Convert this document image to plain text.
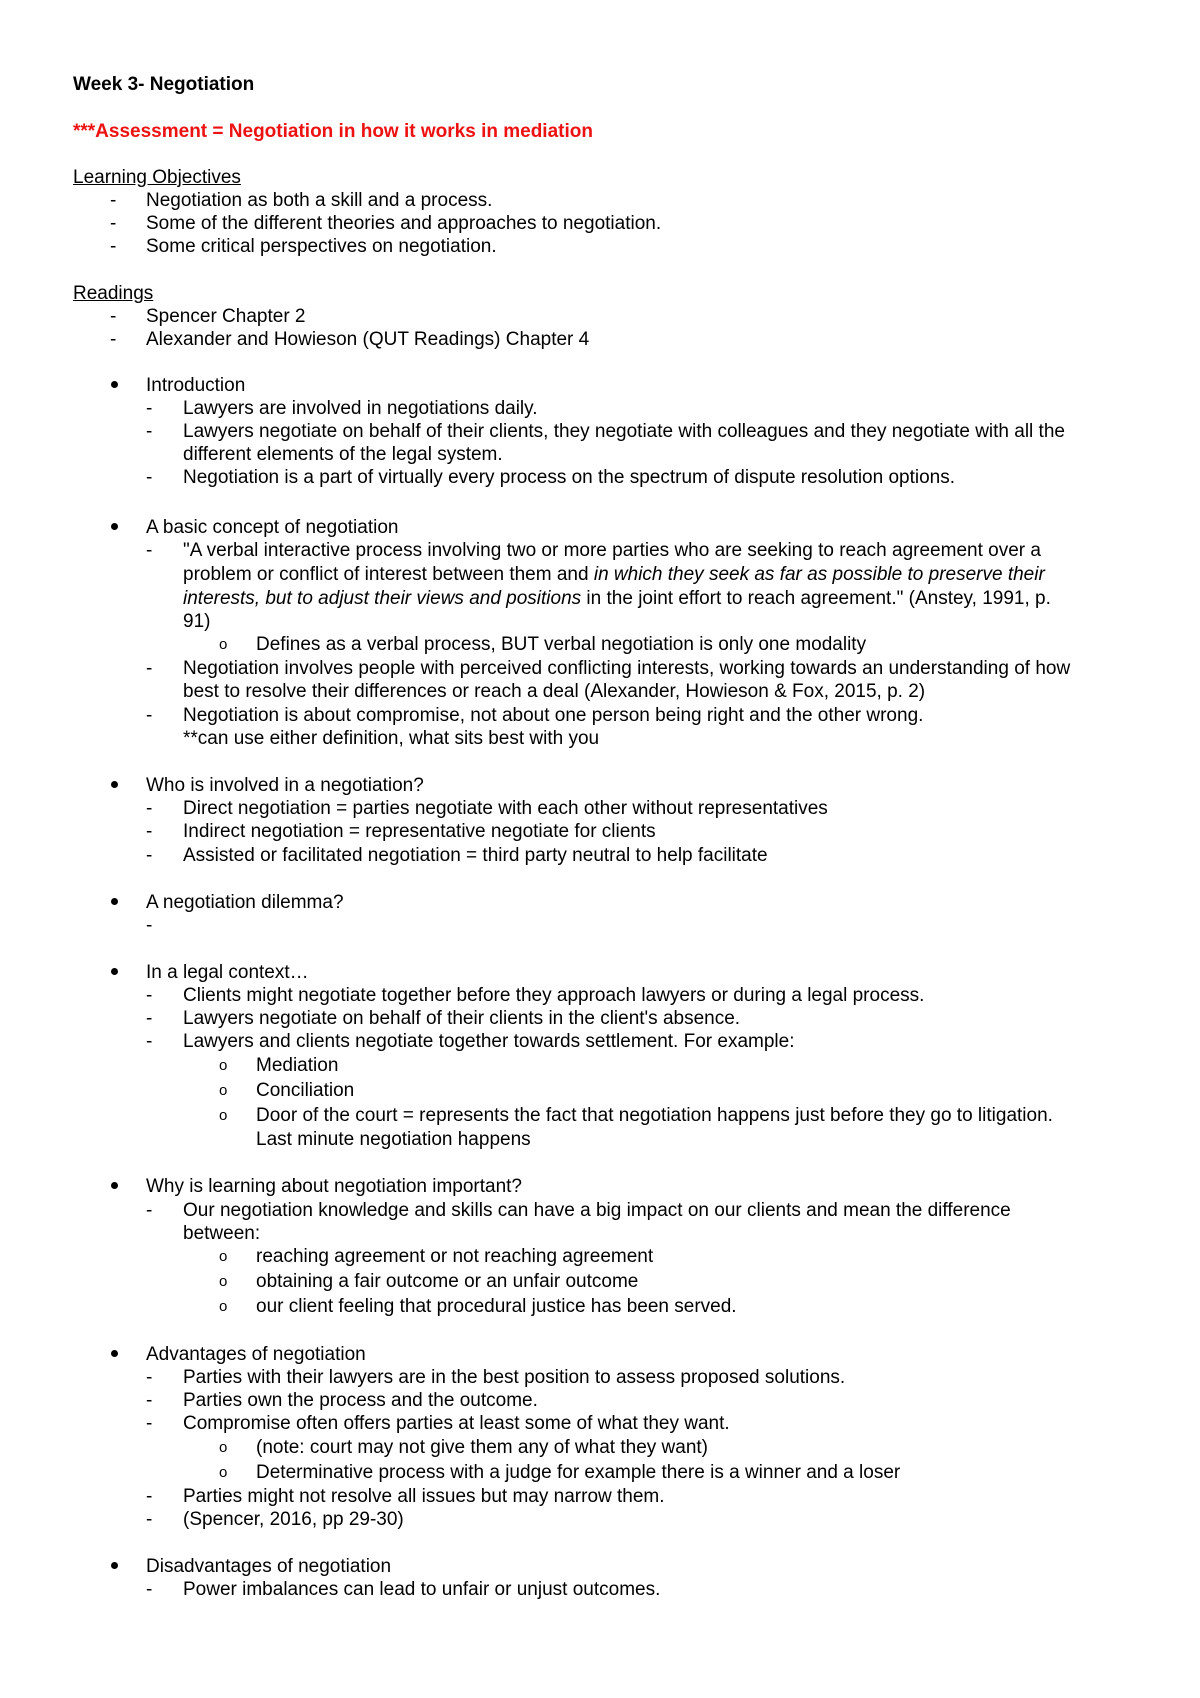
Week 3- Negotiation
***Assessment = Negotiation in how it works in mediation
Learning Objectives
- Negotiation as both a skill and a process.
- Some of the different theories and approaches to negotiation.
- Some critical perspectives on negotiation.
Readings
- Spencer Chapter 2
- Alexander and Howieson (QUT Readings) Chapter 4
Introduction
- Lawyers are involved in negotiations daily.
- Lawyers negotiate on behalf of their clients, they negotiate with colleagues and they negotiate with all the
different elements of the legal system.
- Negotiation is a part of virtually every process on the spectrum of dispute resolution options.
A basic concept of negotiation
- "A verbal interactive process involving two or more parties who are seeking to reach agreement over a
problem or conflict of interest between them and in which they seek as far as possible to preserve their
interests, but to adjust their views and positions in the joint effort to reach agreement." (Anstey, 1991, p.
91)
o Defines as a verbal process, BUT verbal negotiation is only one modality
- Negotiation involves people with perceived conflicting interests, working towards an understanding of how
best to resolve their differences or reach a deal (Alexander, Howieson & Fox, 2015, p. 2)
- Negotiation is about compromise, not about one person being right and the other wrong.
**can use either definition, what sits best with you
Who is involved in a negotiation?
- Direct negotiation = parties negotiate with each other without representatives
- Indirect negotiation = representative negotiate for clients
- Assisted or facilitated negotiation = third party neutral to help facilitate
A negotiation dilemma?
-
In a legal context…
- Clients might negotiate together before they approach lawyers or during a legal process.
- Lawyers negotiate on behalf of their clients in the client's absence.
- Lawyers and clients negotiate together towards settlement. For example:
o Mediation
o Conciliation
o Door of the court = represents the fact that negotiation happens just before they go to litigation.
Last minute negotiation happens
Why is learning about negotiation important?
- Our negotiation knowledge and skills can have a big impact on our clients and mean the difference
between:
o reaching agreement or not reaching agreement
o obtaining a fair outcome or an unfair outcome
o our client feeling that procedural justice has been served.
Advantages of negotiation
- Parties with their lawyers are in the best position to assess proposed solutions.
- Parties own the process and the outcome.
- Compromise often offers parties at least some of what they want.
o (note: court may not give them any of what they want)
o Determinative process with a judge for example there is a winner and a loser
- Parties might not resolve all issues but may narrow them.
- (Spencer, 2016, pp 29-30)
Disadvantages of negotiation
- Power imbalances can lead to unfair or unjust outcomes.
